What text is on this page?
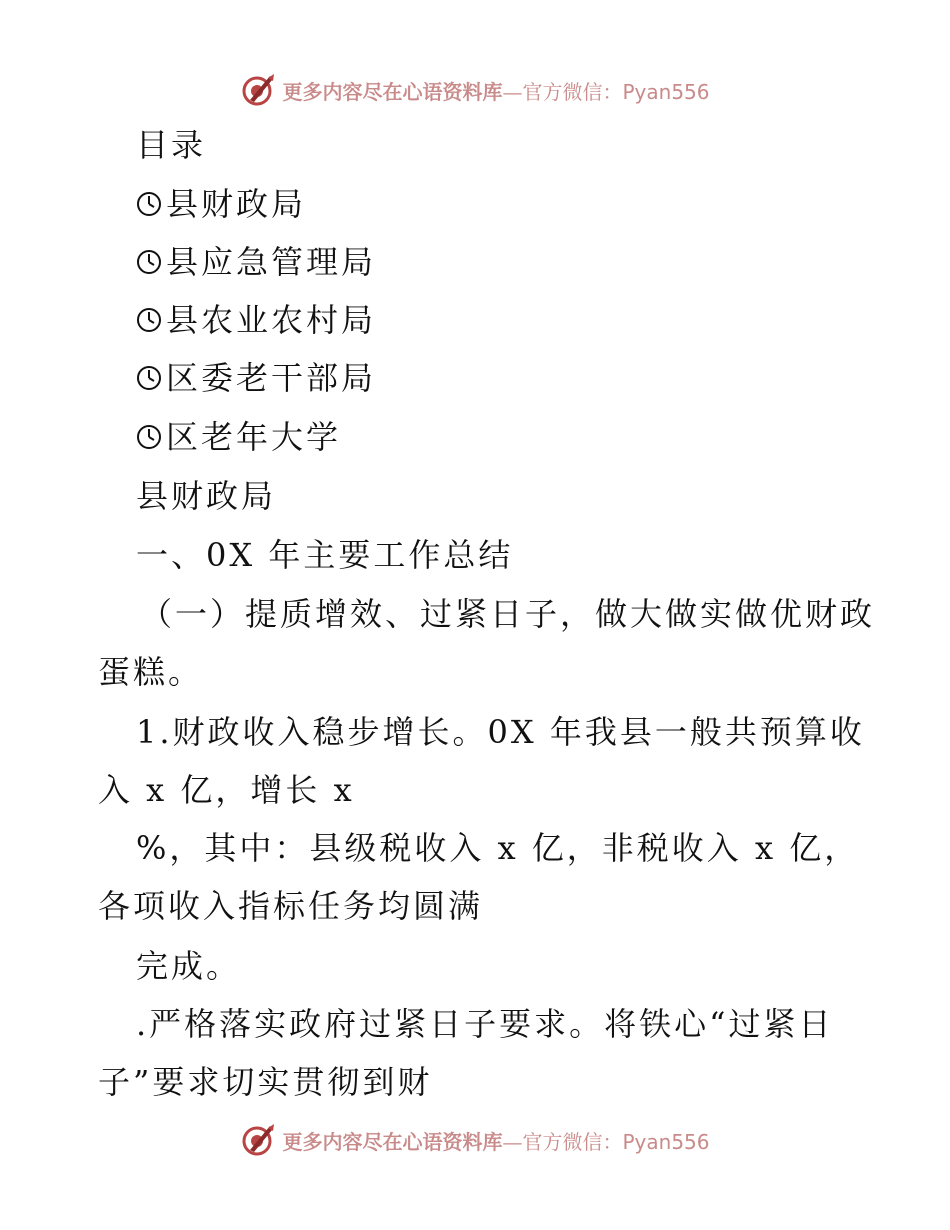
更多内容尽在心语资料库—官方微信：Pyan556
目录
县财政局
县应急管理局
县农业农村局
区委老干部局
区老年大学
县财政局
一、0X 年主要工作总结
（一）提质增效、过紧日子，做大做实做优财政
蛋糕。
1.财政收入稳步增长。0X 年我县一般共预算收
入 x 亿，增长 x
%，其中：县级税收入 x 亿，非税收入 x 亿，
各项收入指标任务均圆满
完成。
.严格落实政府过紧日子要求。将铁心“过紧日
子”要求切实贯彻到财
更多内容尽在心语资料库—官方微信：Pyan556
